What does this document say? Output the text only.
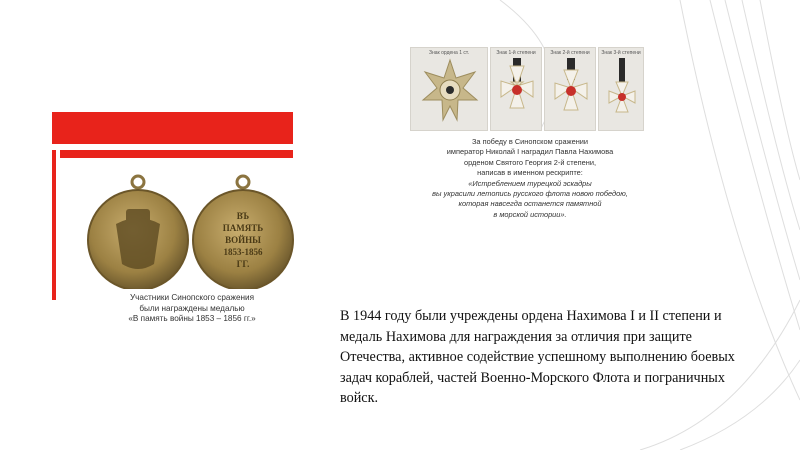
Знак ордена 1 ст.	Знак 1-й степени	Знак 2-й степени	Знак 3-й степени
За победу в Синопском сражении
император Николай I наградил Павла Нахимова
орденом Святого Георгия 2-й степени,
написав в именном рескрипте:
«Истреблением турецкой эскадры
вы украсили летопись русского флота новою победою,
которая навсегда останется памятной
в морской истории».
ВЪ
ПАМЯТЬ
ВОЙНЫ
1853-1856
ГГ.
Участники Синопского сражения
были награждены медалью
«В память войны 1853 – 1856 гг.»	В 1944 году были учреждены ордена Нахимова I и II степени и медаль Нахимова для награждения за отличия при защите Отечества, активное содействие успешному выполнению боевых задач кораблей, частей Военно-Морского Флота и пограничных войск.
